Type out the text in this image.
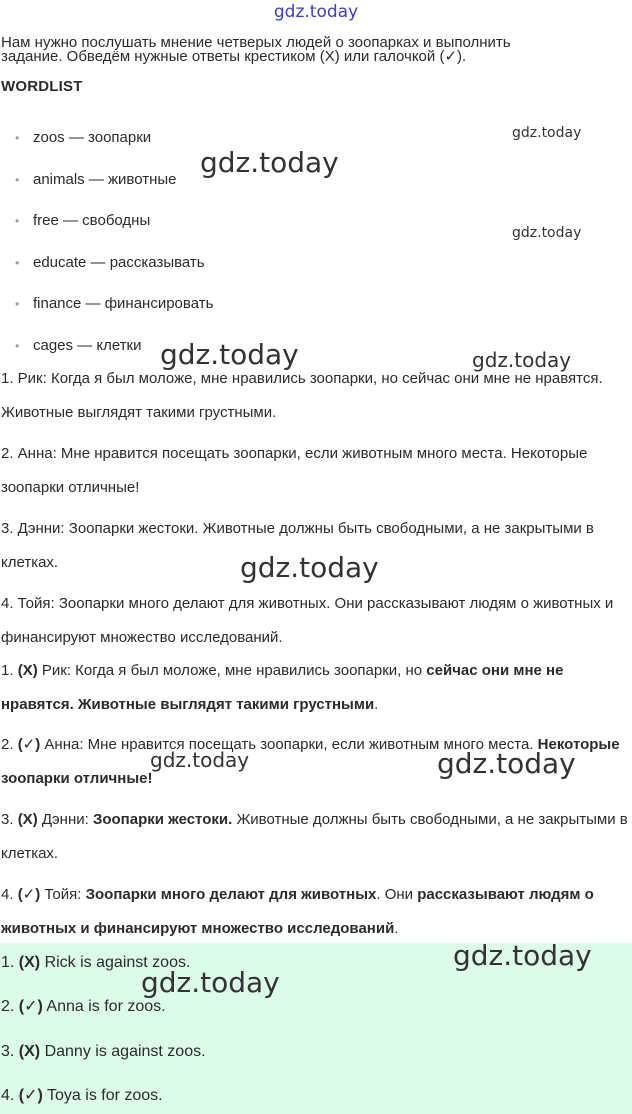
gdz.today
Нам нужно послушать мнение четверых людей о зоопарках и выполнить
задание. Обведём нужные ответы крестиком (X) или галочкой (✓).
WORDLIST
• zoos — зоопарки
• animals — животные
• free — свободны
• educate — рассказывать
• finance — финансировать
• cages — клетки
1. Рик: Когда я был моложе, мне нравились зоопарки, но сейчас они мне не нравятся. Животные выглядят такими грустными.
2. Анна: Мне нравится посещать зоопарки, если животным много места. Некоторые зоопарки отличные!
3. Дэнни: Зоопарки жестоки. Животные должны быть свободными, а не закрытыми в клетках.
4. Тойя: Зоопарки много делают для животных. Они рассказывают людям о животных и финансируют множество исследований.
1. (X) Рик: Когда я был моложе, мне нравились зоопарки, но сейчас они мне не нравятся. Животные выглядят такими грустными.
2. (✓) Анна: Мне нравится посещать зоопарки, если животным много места. Некоторые зоопарки отличные!
3. (X) Дэнни: Зоопарки жестоки. Животные должны быть свободными, а не закрытыми в клетках.
4. (✓) Тойя: Зоопарки много делают для животных. Они рассказывают людям о животных и финансируют множество исследований.
1. (X) Rick is against zoos.
2. (✓) Anna is for zoos.
3. (X) Danny is against zoos.
4. (✓) Toya is for zoos.
gdz.today
gdz.today
gdz.today
gdz.today	gdz.today
gdz.today
gdz.today	gdz.today
gdz.today
gdz.today
